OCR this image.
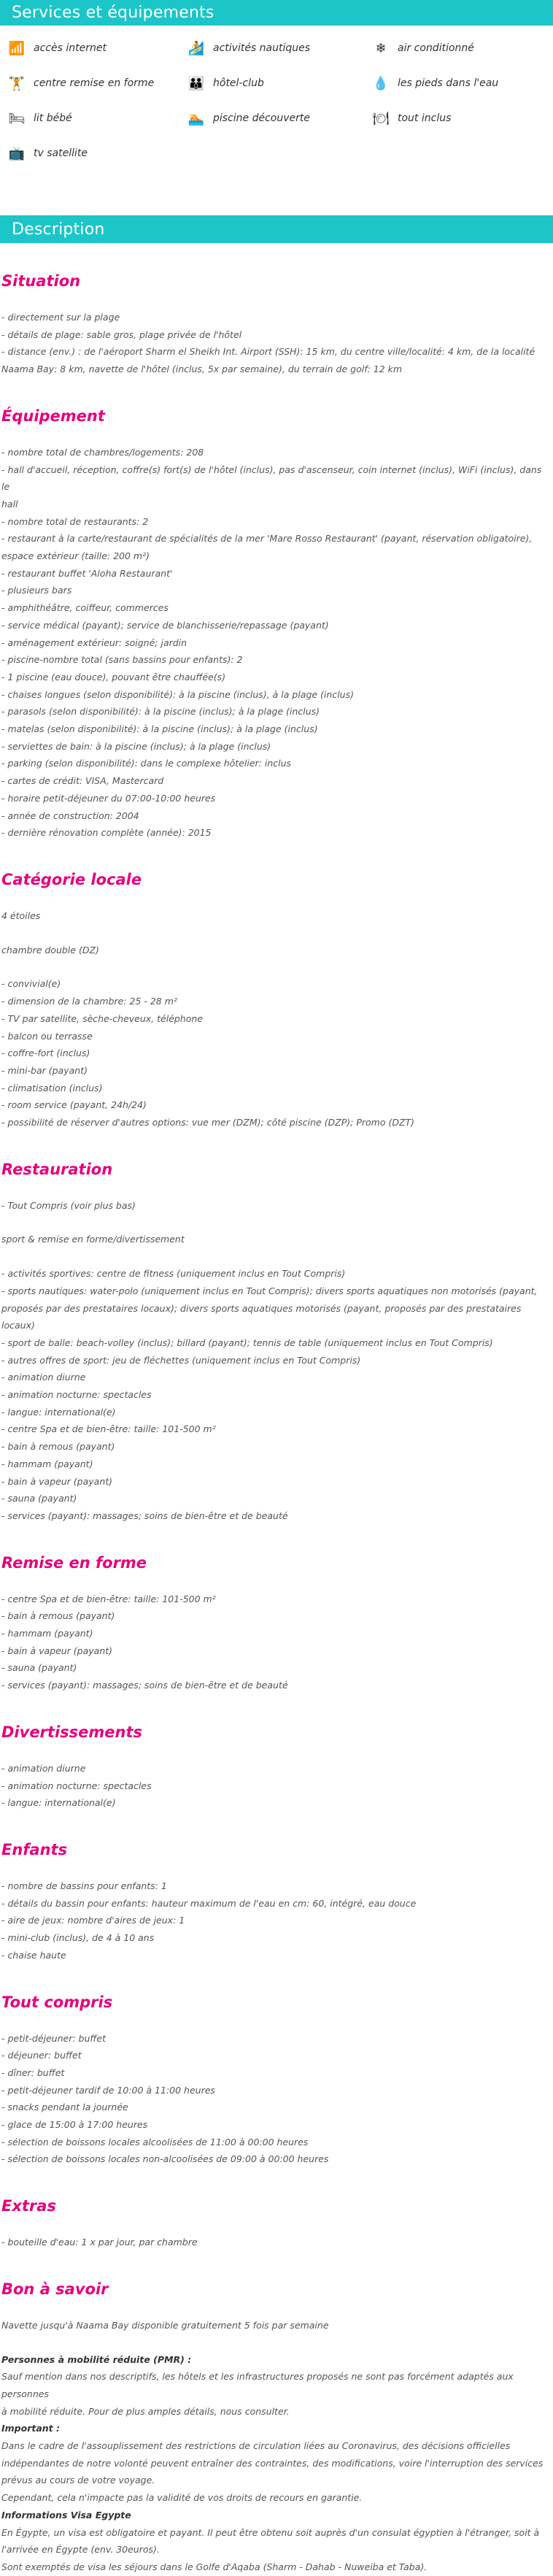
Services et équipements
📶 accès internet	🏄 activités nautiques	❄	air conditionné
🏋 centre remise en forme	👪 hôtel-club	💧 les pieds dans l'eau
🛏 lit bébé	🏊 piscine découverte	🍽 tout inclus
📺 tv satellite
Description
Situation
- directement sur la plage
- détails de plage: sable gros, plage privée de l'hôtel
- distance (env.) : de l'aéroport Sharm el Sheikh Int. Airport (SSH): 15 km, du centre ville/localité: 4 km, de la localité
Naama Bay: 8 km, navette de l'hôtel (inclus, 5x par semaine), du terrain de golf: 12 km
Équipement
- nombre total de chambres/logements: 208
- hall d'accueil, réception, coffre(s) fort(s) de l'hôtel (inclus), pas d'ascenseur, coin internet (inclus), WiFi (inclus), dans le
hall
- nombre total de restaurants: 2
- restaurant à la carte/restaurant de spécialités de la mer 'Mare Rosso Restaurant' (payant, réservation obligatoire),
espace extérieur (taille: 200 m²)
- restaurant buffet 'Aloha Restaurant'
- plusieurs bars
- amphithéâtre, coiffeur, commerces
- service médical (payant); service de blanchisserie/repassage (payant)
- aménagement extérieur: soigné; jardin
- piscine-nombre total (sans bassins pour enfants): 2
- 1 piscine (eau douce), pouvant être chauffée(s)
- chaises longues (selon disponibilité): à la piscine (inclus), à la plage (inclus)
- parasols (selon disponibilité): à la piscine (inclus); à la plage (inclus)
- matelas (selon disponibilité): à la piscine (inclus); à la plage (inclus)
- serviettes de bain: à la piscine (inclus); à la plage (inclus)
- parking (selon disponibilité): dans le complexe hôtelier: inclus
- cartes de crédit: VISA, Mastercard
- horaire petit-déjeuner du 07:00-10:00 heures
- année de construction: 2004
- dernière rénovation complète (année): 2015
Catégorie locale
4 étoiles
chambre double (DZ)
- convivial(e)
- dimension de la chambre: 25 - 28 m²
- TV par satellite, sèche-cheveux, téléphone
- balcon ou terrasse
- coffre-fort (inclus)
- mini-bar (payant)
- climatisation (inclus)
- room service (payant, 24h/24)
- possibilité de réserver d'autres options: vue mer (DZM); côté piscine (DZP); Promo (DZT)
Restauration
- Tout Compris (voir plus bas)
sport & remise en forme/divertissement
- activités sportives: centre de fitness (uniquement inclus en Tout Compris)
- sports nautiques: water-polo (uniquement inclus en Tout Compris); divers sports aquatiques non motorisés (payant,
proposés par des prestataires locaux); divers sports aquatiques motorisés (payant, proposés par des prestataires locaux)
- sport de balle: beach-volley (inclus); billard (payant); tennis de table (uniquement inclus en Tout Compris)
- autres offres de sport: jeu de fléchettes (uniquement inclus en Tout Compris)
- animation diurne
- animation nocturne: spectacles
- langue: international(e)
- centre Spa et de bien-être: taille: 101-500 m²
- bain à remous (payant)
- hammam (payant)
- bain à vapeur (payant)
- sauna (payant)
- services (payant): massages; soins de bien-être et de beauté
Remise en forme
- centre Spa et de bien-être: taille: 101-500 m²
- bain à remous (payant)
- hammam (payant)
- bain à vapeur (payant)
- sauna (payant)
- services (payant): massages; soins de bien-être et de beauté
Divertissements
- animation diurne
- animation nocturne: spectacles
- langue: international(e)
Enfants
- nombre de bassins pour enfants: 1
- détails du bassin pour enfants: hauteur maximum de l'eau en cm: 60, intégré, eau douce
- aire de jeux: nombre d'aires de jeux: 1
- mini-club (inclus), de 4 à 10 ans
- chaise haute
Tout compris
- petit-déjeuner: buffet
- déjeuner: buffet
- dîner: buffet
- petit-déjeuner tardif de 10:00 à 11:00 heures
- snacks pendant la journée
- glace de 15:00 à 17:00 heures
- sélection de boissons locales alcoolisées de 11:00 à 00:00 heures
- sélection de boissons locales non-alcoolisées de 09:00 à 00:00 heures
Extras
- bouteille d'eau: 1 x par jour, par chambre
Bon à savoir
Navette jusqu'à Naama Bay disponible gratuitement 5 fois par semaine
Personnes à mobilité réduite (PMR) :
Sauf mention dans nos descriptifs, les hôtels et les infrastructures proposés ne sont pas forcément adaptés aux personnes
à mobilité réduite. Pour de plus amples détails, nous consulter.
Important :
Dans le cadre de l'assouplissement des restrictions de circulation liées au Coronavirus, des décisions officielles
indépendantes de notre volonté peuvent entraîner des contraintes, des modifications, voire l'interruption des services
prévus au cours de votre voyage.
Cependant, cela n'impacte pas la validité de vos droits de recours en garantie.
Informations Visa Egypte
En Égypte, un visa est obligatoire et payant. Il peut être obtenu soit auprès d'un consulat égyptien à l'étranger, soit à
l'arrivée en Égypte (env. 30euros).
Sont exemptés de visa les séjours dans le Golfe d'Aqaba (Sharm - Dahab - Nuweiba et Taba).
